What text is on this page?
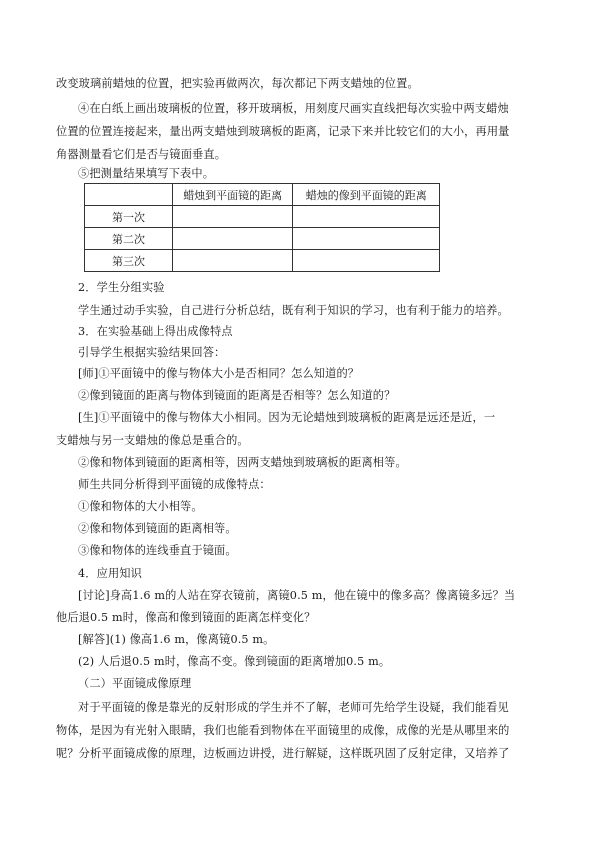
改变玻璃前蜡烛的位置，把实验再做两次，每次都记下两支蜡烛的位置。
④在白纸上画出玻璃板的位置，移开玻璃板，用刻度尺画实直线把每次实验中两支蜡烛
位置的位置连接起来，量出两支蜡烛到玻璃板的距离，记录下来并比较它们的大小，再用量
角器测量看它们是否与镜面垂直。
⑤把测量结果填写下表中。
	蜡烛到平面镜的距离	蜡烛的像到平面镜的距离
第一次		
第二次		
第三次		
2．学生分组实验
学生通过动手实验，自己进行分析总结，既有利于知识的学习，也有利于能力的培养。
3．在实验基础上得出成像特点
引导学生根据实验结果回答：
[师]①平面镜中的像与物体大小是否相同？怎么知道的？
②像到镜面的距离与物体到镜面的距离是否相等？怎么知道的？
[生]①平面镜中的像与物体大小相同。因为无论蜡烛到玻璃板的距离是远还是近，一
支蜡烛与另一支蜡烛的像总是重合的。
②像和物体到镜面的距离相等，因两支蜡烛到玻璃板的距离相等。
师生共同分析得到平面镜的成像特点：
①像和物体的大小相等。
②像和物体到镜面的距离相等。
③像和物体的连线垂直于镜面。
4．应用知识
[讨论]身高1.6 m的人站在穿衣镜前，离镜0.5 m，他在镜中的像多高？像离镜多远？当
他后退0.5 m时，像高和像到镜面的距离怎样变化？
[解答](1) 像高1.6 m，像离镜0.5 m。
(2) 人后退0.5 m时，像高不变。像到镜面的距离增加0.5 m。
（二）平面镜成像原理
对于平面镜的像是靠光的反射形成的学生并不了解，老师可先给学生设疑，我们能看见
物体，是因为有光射入眼睛，我们也能看到物体在平面镜里的成像，成像的光是从哪里来的
呢？分析平面镜成像的原理，边板画边讲授，进行解疑，这样既巩固了反射定律，又培养了
